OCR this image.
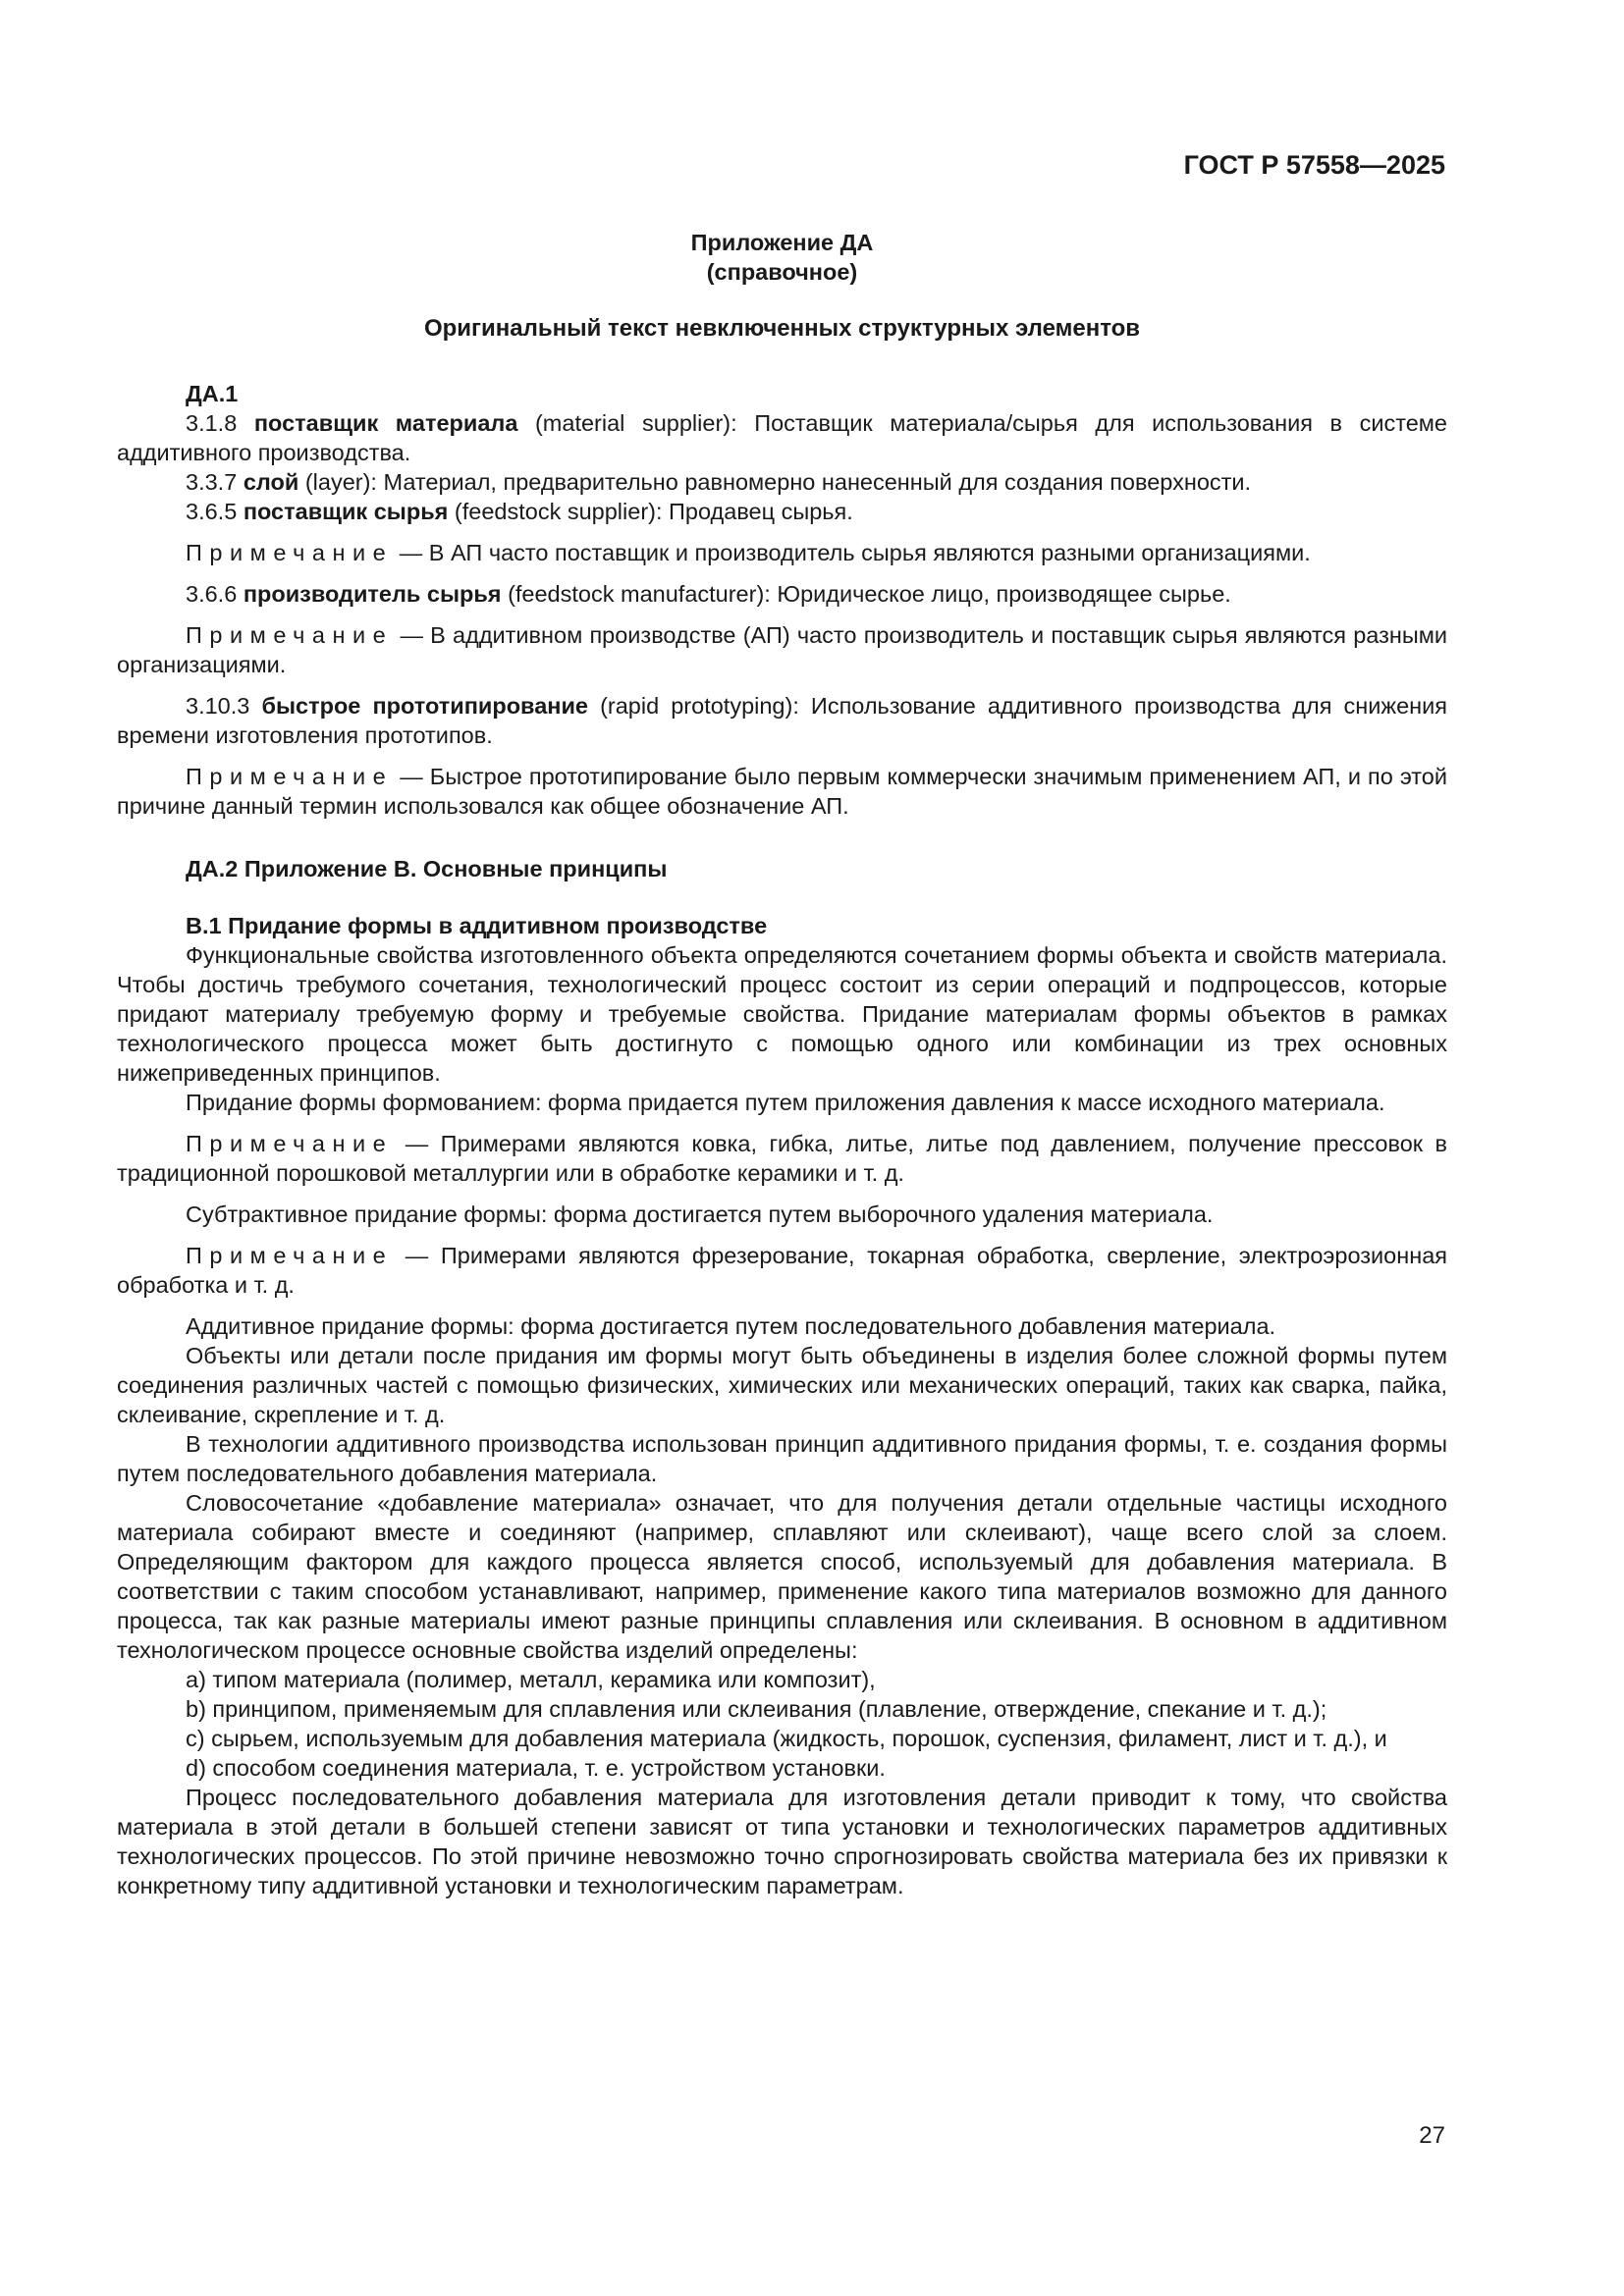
ГОСТ Р 57558—2025
Приложение ДА
(справочное)
Оригинальный текст невключенных структурных элементов
ДА.1

3.1.8 поставщик материала (material supplier): Поставщик материала/сырья для использования в системе аддитивного производства.

3.3.7 слой (layer): Материал, предварительно равномерно нанесенный для создания поверхности.

3.6.5 поставщик сырья (feedstock supplier): Продавец сырья.

Примечание — В АП часто поставщик и производитель сырья являются разными организациями.

3.6.6 производитель сырья (feedstock manufacturer): Юридическое лицо, производящее сырье.

Примечание — В аддитивном производстве (АП) часто производитель и поставщик сырья являются разными организациями.

3.10.3 быстрое прототипирование (rapid prototyping): Использование аддитивного производства для снижения времени изготовления прототипов.

Примечание — Быстрое прототипирование было первым коммерчески значимым применением АП, и по этой причине данный термин использовался как общее обозначение АП.

ДА.2 Приложение В. Основные принципы
В.1 Придание формы в аддитивном производстве

Функциональные свойства изготовленного объекта определяются сочетанием формы объекта и свойств материала. Чтобы достичь требумого сочетания, технологический процесс состоит из серии операций и подпроцессов, которые придают материалу требуемую форму и требуемые свойства. Придание материалам формы объектов в рамках технологического процесса может быть достигнуто с помощью одного или комбинации из трех основных нижеприведенных принципов.

Придание формы формованием: форма придается путем приложения давления к массе исходного материала.

Примечание — Примерами являются ковка, гибка, литье, литье под давлением, получение прессовок в традиционной порошковой металлургии или в обработке керамики и т. д.

Субтрактивное придание формы: форма достигается путем выборочного удаления материала.

Примечание — Примерами являются фрезерование, токарная обработка, сверление, электроэрозионная обработка и т. д.

Аддитивное придание формы: форма достигается путем последовательного добавления материала.

Объекты или детали после придания им формы могут быть объединены в изделия более сложной формы путем соединения различных частей с помощью физических, химических или механических операций, таких как сварка, пайка, склеивание, скрепление и т. д.

В технологии аддитивного производства использован принцип аддитивного придания формы, т. е. создания формы путем последовательного добавления материала.

Словосочетание «добавление материала» означает, что для получения детали отдельные частицы исходного материала собирают вместе и соединяют (например, сплавляют или склеивают), чаще всего слой за слоем. Определяющим фактором для каждого процесса является способ, используемый для добавления материала. В соответствии с таким способом устанавливают, например, применение какого типа материалов возможно для данного процесса, так как разные материалы имеют разные принципы сплавления или склеивания. В основном в аддитивном технологическом процессе основные свойства изделий определены:

а) типом материала (полимер, металл, керамика или композит),

b) принципом, применяемым для сплавления или склеивания (плавление, отверждение, спекание и т. д.);

c) сырьем, используемым для добавления материала (жидкость, порошок, суспензия, филамент, лист и т. д.), и

d) способом соединения материала, т. е. устройством установки.

Процесс последовательного добавления материала для изготовления детали приводит к тому, что свойства материала в этой детали в большей степени зависят от типа установки и технологических параметров аддитивных технологических процессов. По этой причине невозможно точно спрогнозировать свойства материала без их привязки к конкретному типу аддитивной установки и технологическим параметрам.

27
